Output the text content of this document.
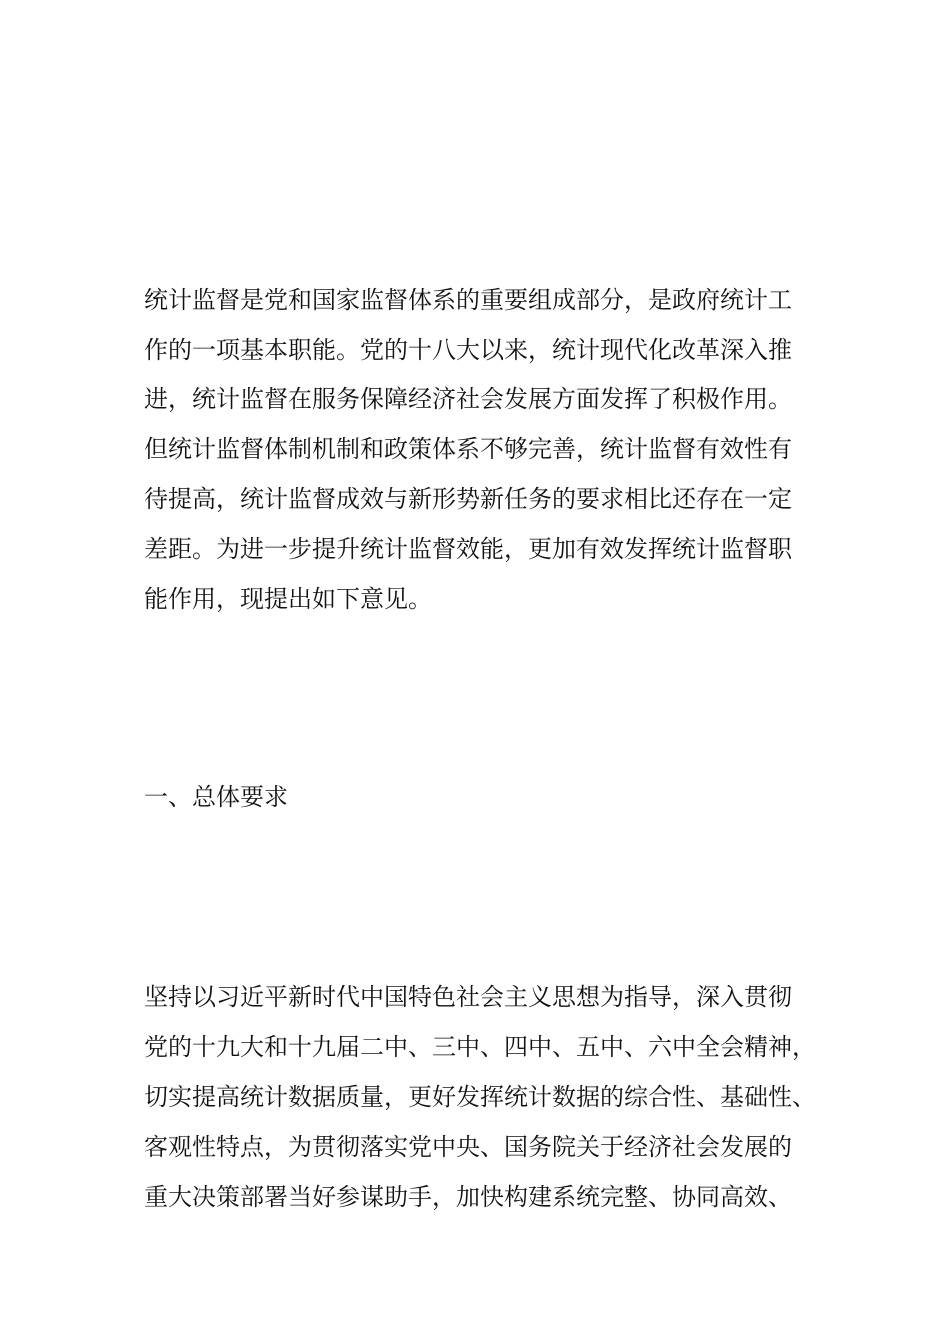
统计监督是党和国家监督体系的重要组成部分，是政府统计工
作的一项基本职能。党的十八大以来，统计现代化改革深入推
进，统计监督在服务保障经济社会发展方面发挥了积极作用。
但统计监督体制机制和政策体系不够完善，统计监督有效性有
待提高，统计监督成效与新形势新任务的要求相比还存在一定
差距。为进一步提升统计监督效能，更加有效发挥统计监督职
能作用，现提出如下意见。
一、总体要求
坚持以习近平新时代中国特色社会主义思想为指导，深入贯彻
党的十九大和十九届二中、三中、四中、五中、六中全会精神，
切实提高统计数据质量，更好发挥统计数据的综合性、基础性、
客观性特点，为贯彻落实党中央、国务院关于经济社会发展的
重大决策部署当好参谋助手，加快构建系统完整、协同高效、
